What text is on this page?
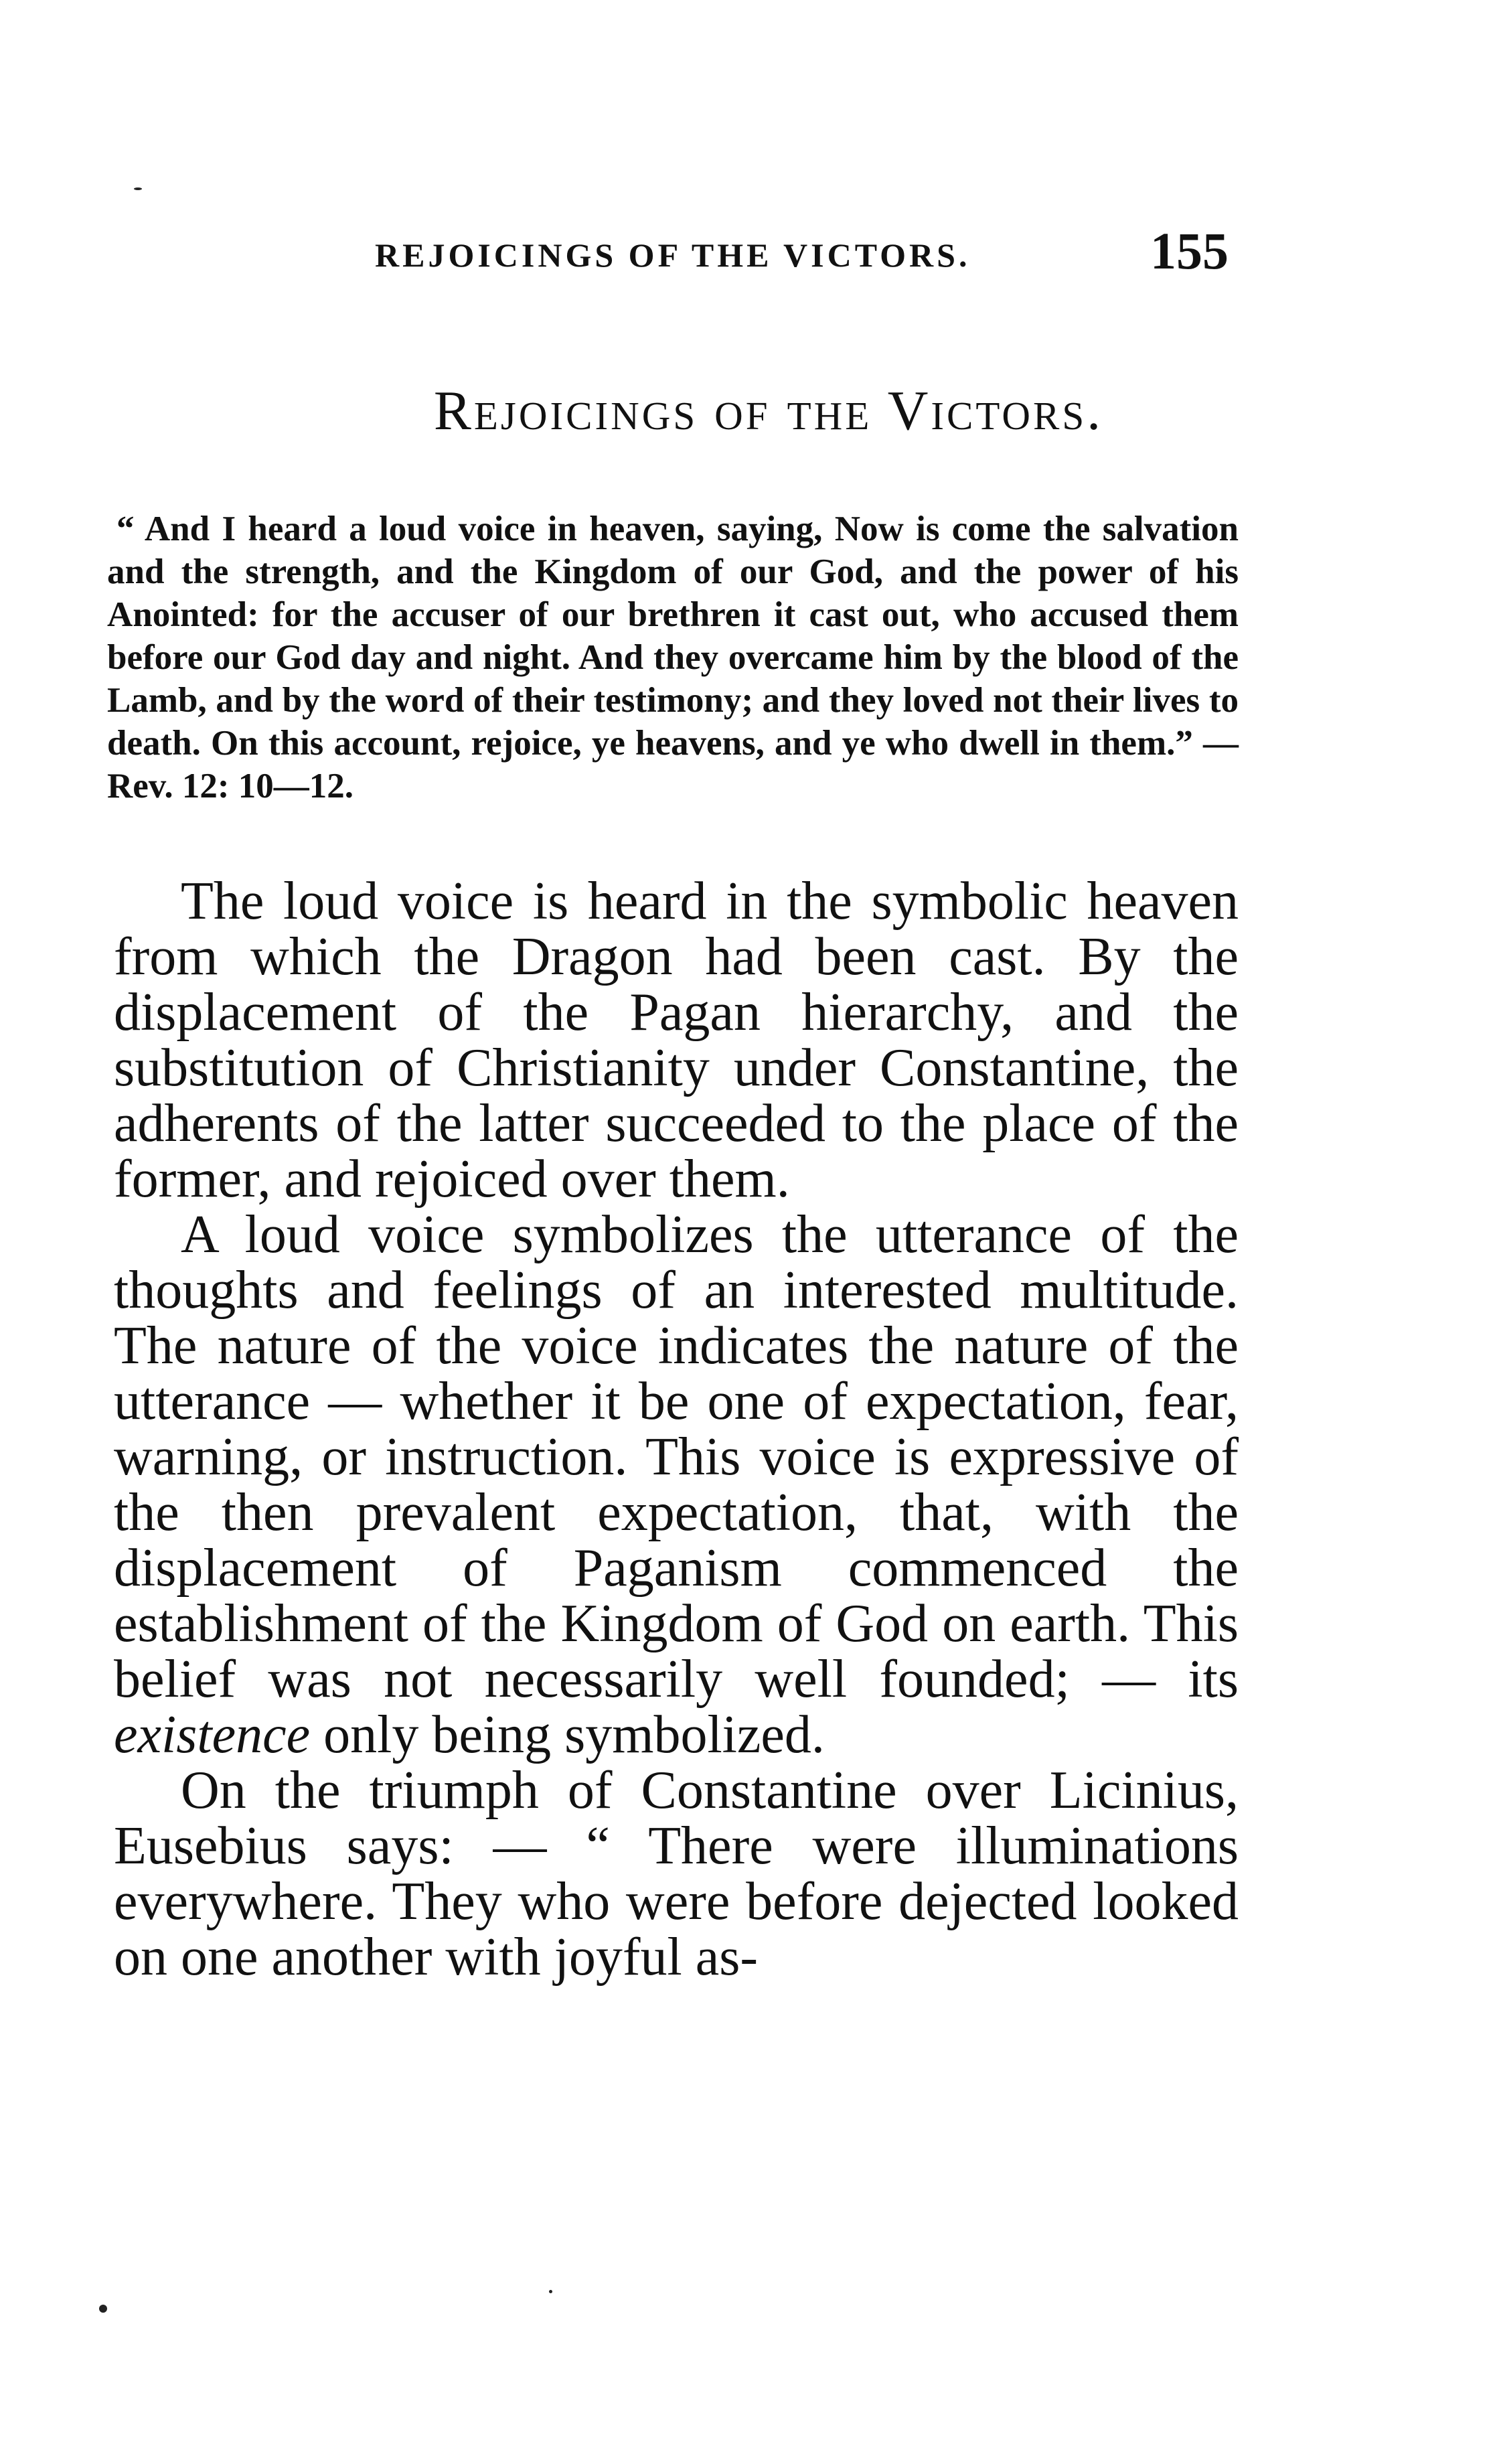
REJOICINGS OF THE VICTORS.	155
Rejoicings of the Victors.
“ And I heard a loud voice in heaven, saying, Now is come the salvation and the strength, and the Kingdom of our God, and the power of his Anointed: for the accuser of our brethren it cast out, who accused them before our God day and night. And they overcame him by the blood of the Lamb, and by the word of their testimony; and they loved not their lives to death. On this account, rejoice, ye heavens, and ye who dwell in them.” — Rev. 12: 10—12.

The loud voice is heard in the symbolic heaven from which the Dragon had been cast. By the displacement of the Pagan hierarchy, and the substitution of Christianity under Constantine, the adherents of the latter succeeded to the place of the former, and rejoiced over them.

A loud voice symbolizes the utterance of the thoughts and feelings of an interested multitude. The nature of the voice indicates the nature of the utterance — whether it be one of expectation, fear, warning, or instruction. This voice is expressive of the then prevalent expectation, that, with the displacement of Paganism commenced the establishment of the Kingdom of God on earth. This belief was not necessarily well founded; — its existence only being symbolized.

On the triumph of Constantine over Licinius, Eusebius says: — “ There were illuminations everywhere. They who were before dejected looked on one another with joyful as-
